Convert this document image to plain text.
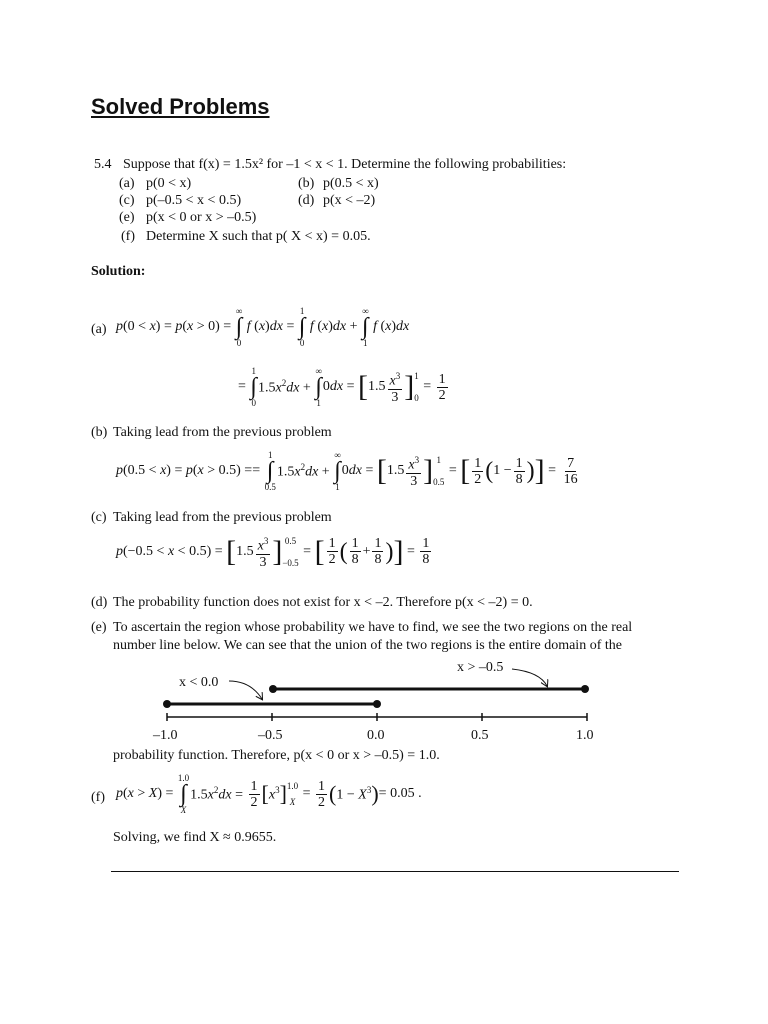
Solved Problems
5.4 Suppose that f(x) = 1.5x² for –1 < x < 1. Determine the following probabilities:
(a) p(0 < x)	(b) p(0.5 < x)
(c) p(–0.5 < x < 0.5)	(d) p(x < –2)
(e) p(x < 0 or x > –0.5)
(f) Determine X such that p( X < x) = 0.05.
Solution:
(a) p(0 < x) = p(x > 0) =
∞
∫
0
f (x)dx =
1
∫
0
f (x)dx +
∞
∫
1
f (x)dx
=
1
∫
0
$1.5x^2dx$ +
∞
∫
1
0dx = [ $1.5 \frac{x^3}{3}$ ] 1
0
= $\frac{1}{2}$
(b) Taking lead from the previous problem
p(0.5 < x) = p(x > 0.5) ==
1
∫
0.5
$1.5x^2dx$ +
∞
∫
1
0dx = [ $1.5 \frac{x^3}{3}$ ] 1
0.5
= [ $\frac{1}{2}$ ( $1 - \frac{1}{8}$ ) ] = $\frac{7}{16}$
(c) Taking lead from the previous problem
p(−0.5 < x < 0.5) = [ $1.5 \frac{x^3}{3}$ ] 0.5
−0.5
= [ $\frac{1}{2}$ ( $\frac{1}{8} + \frac{1}{8}$ ) ] = $\frac{1}{8}$
(d) The probability function does not exist for x < –2. Therefore p(x < –2) = 0.
(e) To ascertain the region whose probability we have to find, we see the two regions on the real
number line below. We can see that the union of the two regions is the entire domain of the
x < 0.0
x > –0.5
–1.0	–0.5	0.0	0.5	1.0
probability function. Therefore, p(x < 0 or x > –0.5) = 1.0.
(f) p(x > X) =
1.0
∫
X
$1.5x^2dx = \frac{1}{2}$ [ $x^3$ ] 1.0
X
= $\frac{1}{2}$ ( $1 - X^3$ ) = 0.05 .
Solving, we find X ≈ 0.9655.
